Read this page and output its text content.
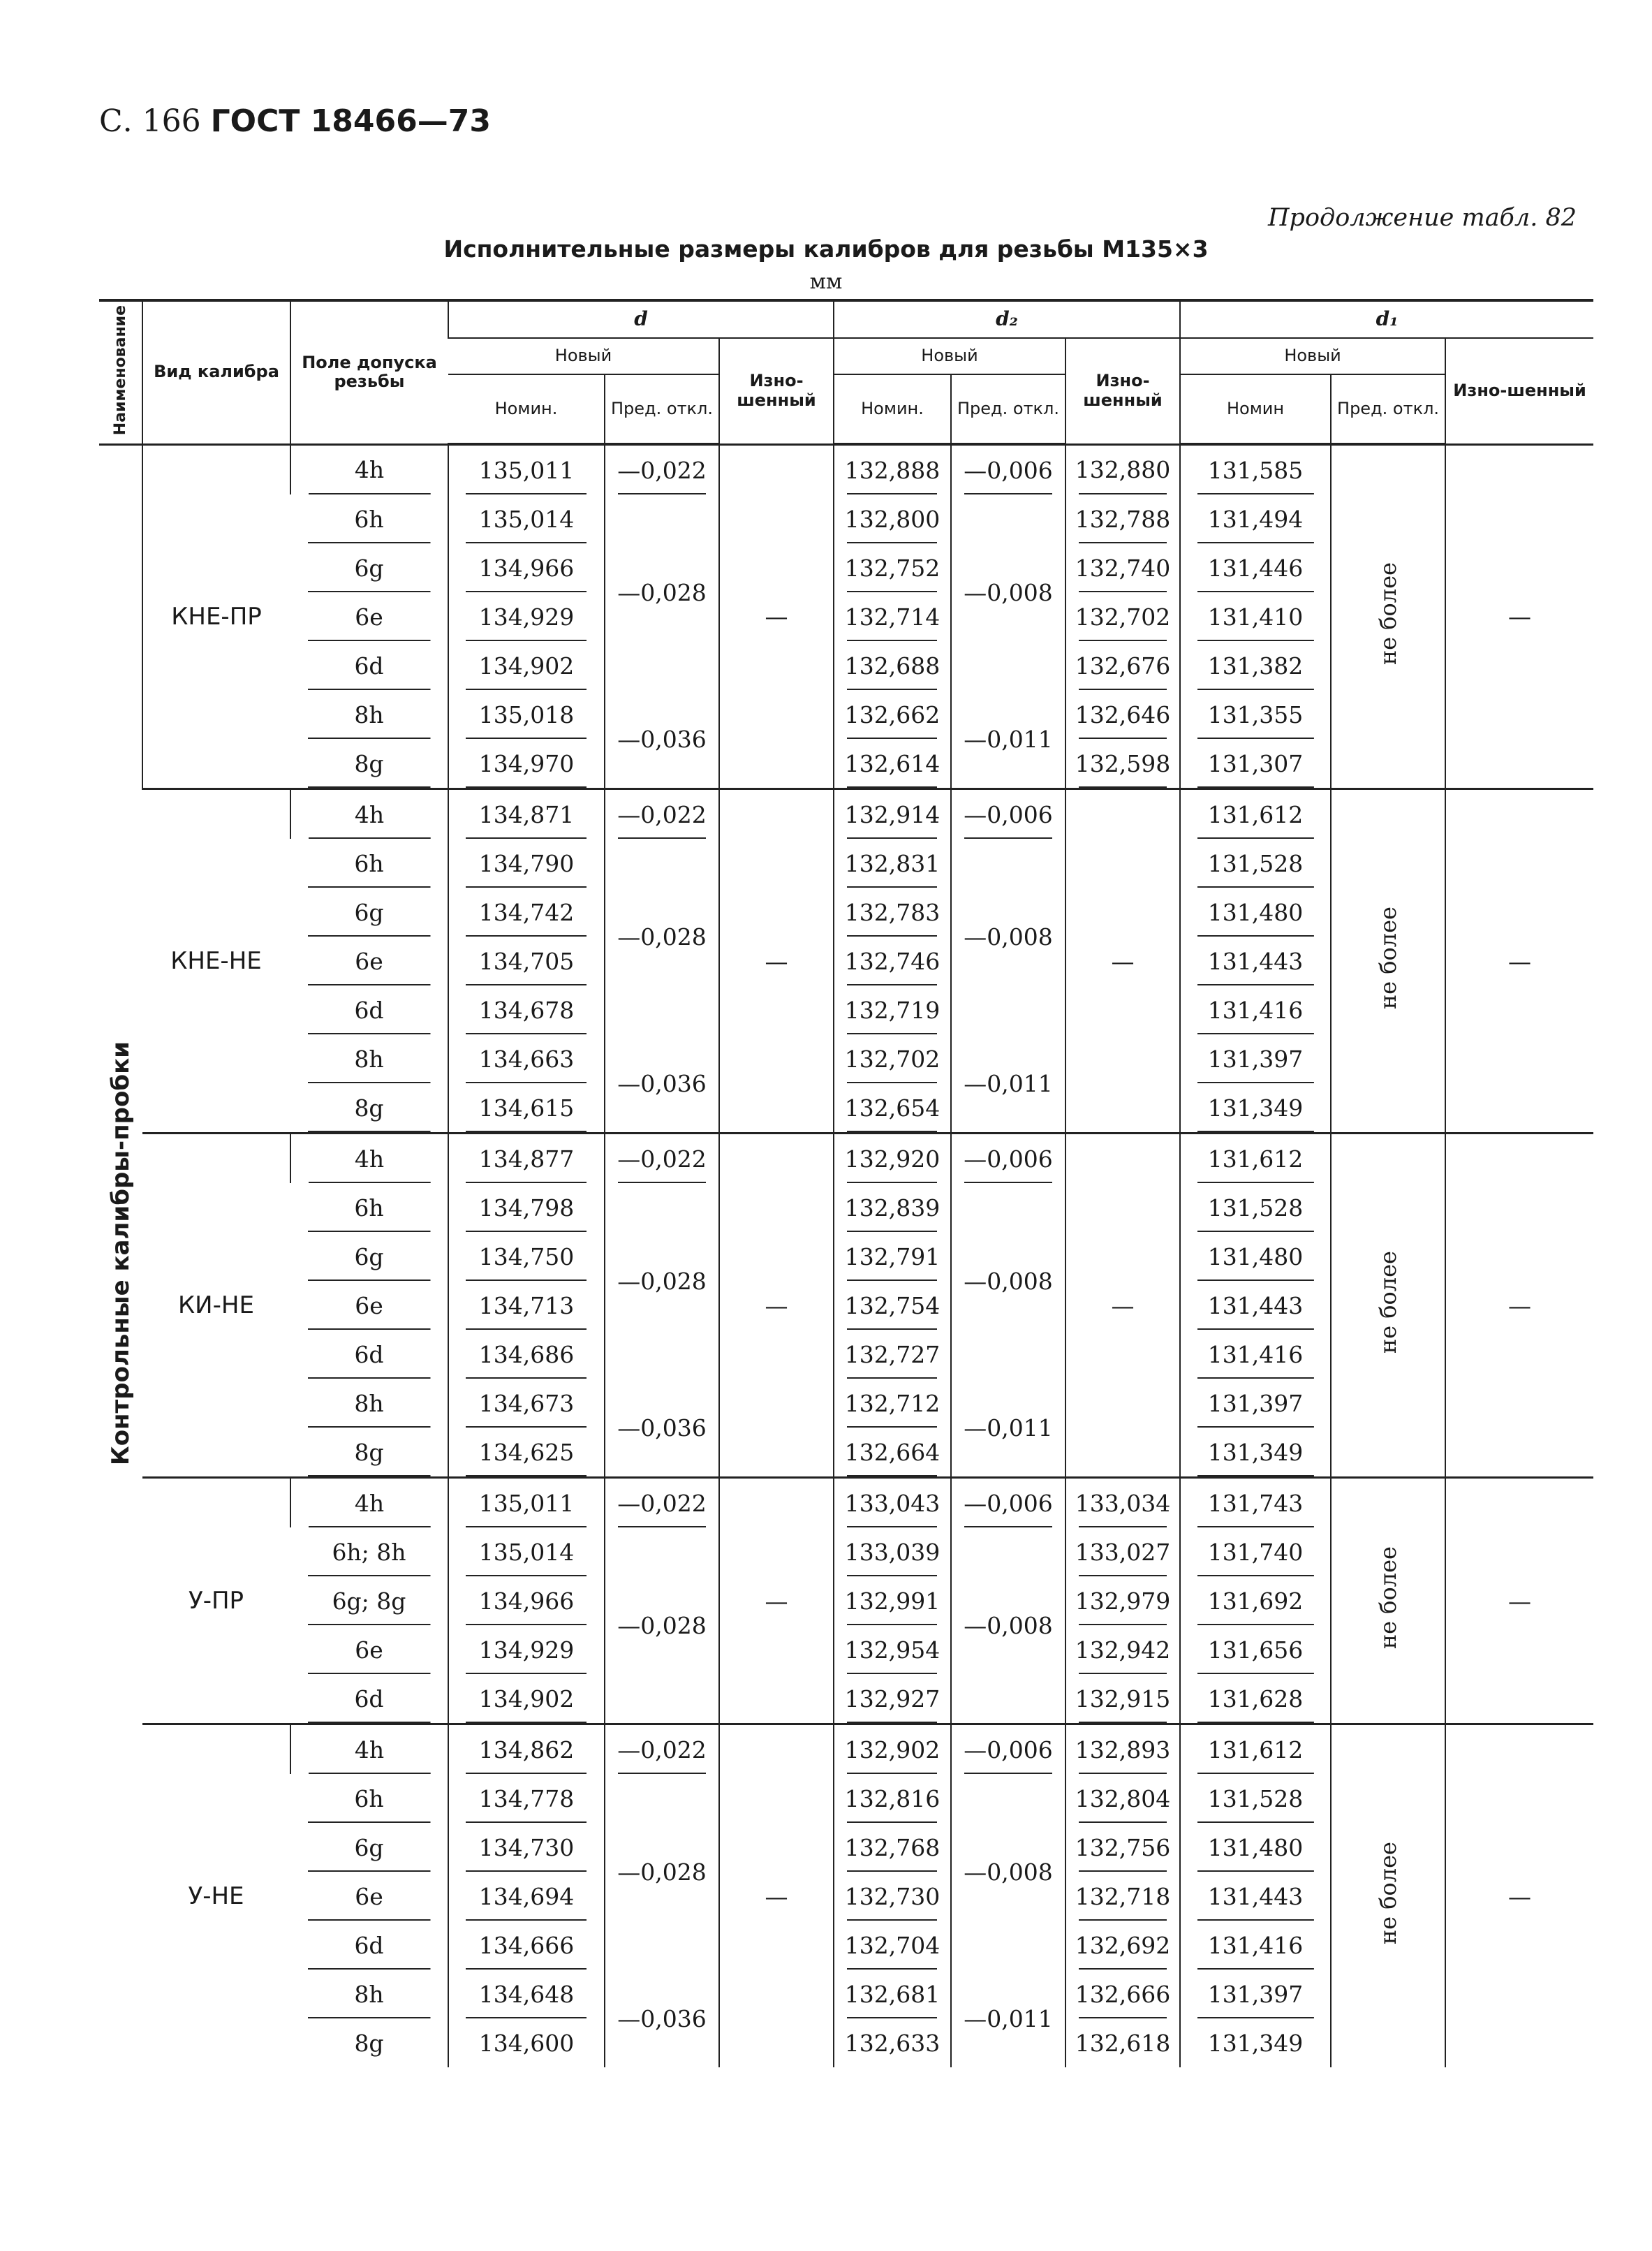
С. 166 ГОСТ 18466—73
Продолжение табл. 82
Исполнительные размеры калибров для резьбы M135×3
мм
Наименование	Вид калибра	Поле допуска резьбы	d			d₂			d₁		
			Новый		Изно-шенный	Новый		Изно-шенный	Новый		Изно-шенный
			Номин.	Пред. откл.		Номин.	Пред. откл.		Номин	Пред. откл.	
Контрольные калибры-пробки	КНЕ-ПР	4h	135,011	—0,022	—	132,888	—0,006	132,880	131,585	не более	—
		6h	135,014	—0,028		132,800	—0,008	132,788	131,494		
		6g	134,966			132,752		132,740	131,446		
		6e	134,929			132,714		132,702	131,410		
		6d	134,902			132,688		132,676	131,382		
		8h	135,018	—0,036		132,662	—0,011	132,646	131,355		
		8g	134,970			132,614		132,598	131,307		
	КНЕ-НЕ	4h	134,871	—0,022	—	132,914	—0,006	—	131,612	не более	—
		6h	134,790	—0,028		132,831	—0,008		131,528		
		6g	134,742			132,783			131,480		
		6e	134,705			132,746			131,443		
		6d	134,678			132,719			131,416		
		8h	134,663	—0,036		132,702	—0,011		131,397		
		8g	134,615			132,654			131,349		
	КИ-НЕ	4h	134,877	—0,022	—	132,920	—0,006	—	131,612	не более	—
		6h	134,798	—0,028		132,839	—0,008		131,528		
		6g	134,750			132,791			131,480		
		6e	134,713			132,754			131,443		
		6d	134,686			132,727			131,416		
		8h	134,673	—0,036		132,712	—0,011		131,397		
		8g	134,625			132,664			131,349		
	У-ПР	4h	135,011	—0,022	—	133,043	—0,006	133,034	131,743	не более	—
		6h; 8h	135,014	—0,028		133,039	—0,008	133,027	131,740		
		6g; 8g	134,966			132,991		132,979	131,692		
		6e	134,929			132,954		132,942	131,656		
		6d	134,902			132,927		132,915	131,628		
	У-НЕ	4h	134,862	—0,022	—	132,902	—0,006	132,893	131,612	не более	—
		6h	134,778	—0,028		132,816	—0,008	132,804	131,528		
		6g	134,730			132,768		132,756	131,480		
		6e	134,694			132,730		132,718	131,443		
		6d	134,666			132,704		132,692	131,416		
		8h	134,648	—0,036		132,681	—0,011	132,666	131,397		
		8g	134,600			132,633		132,618	131,349		
